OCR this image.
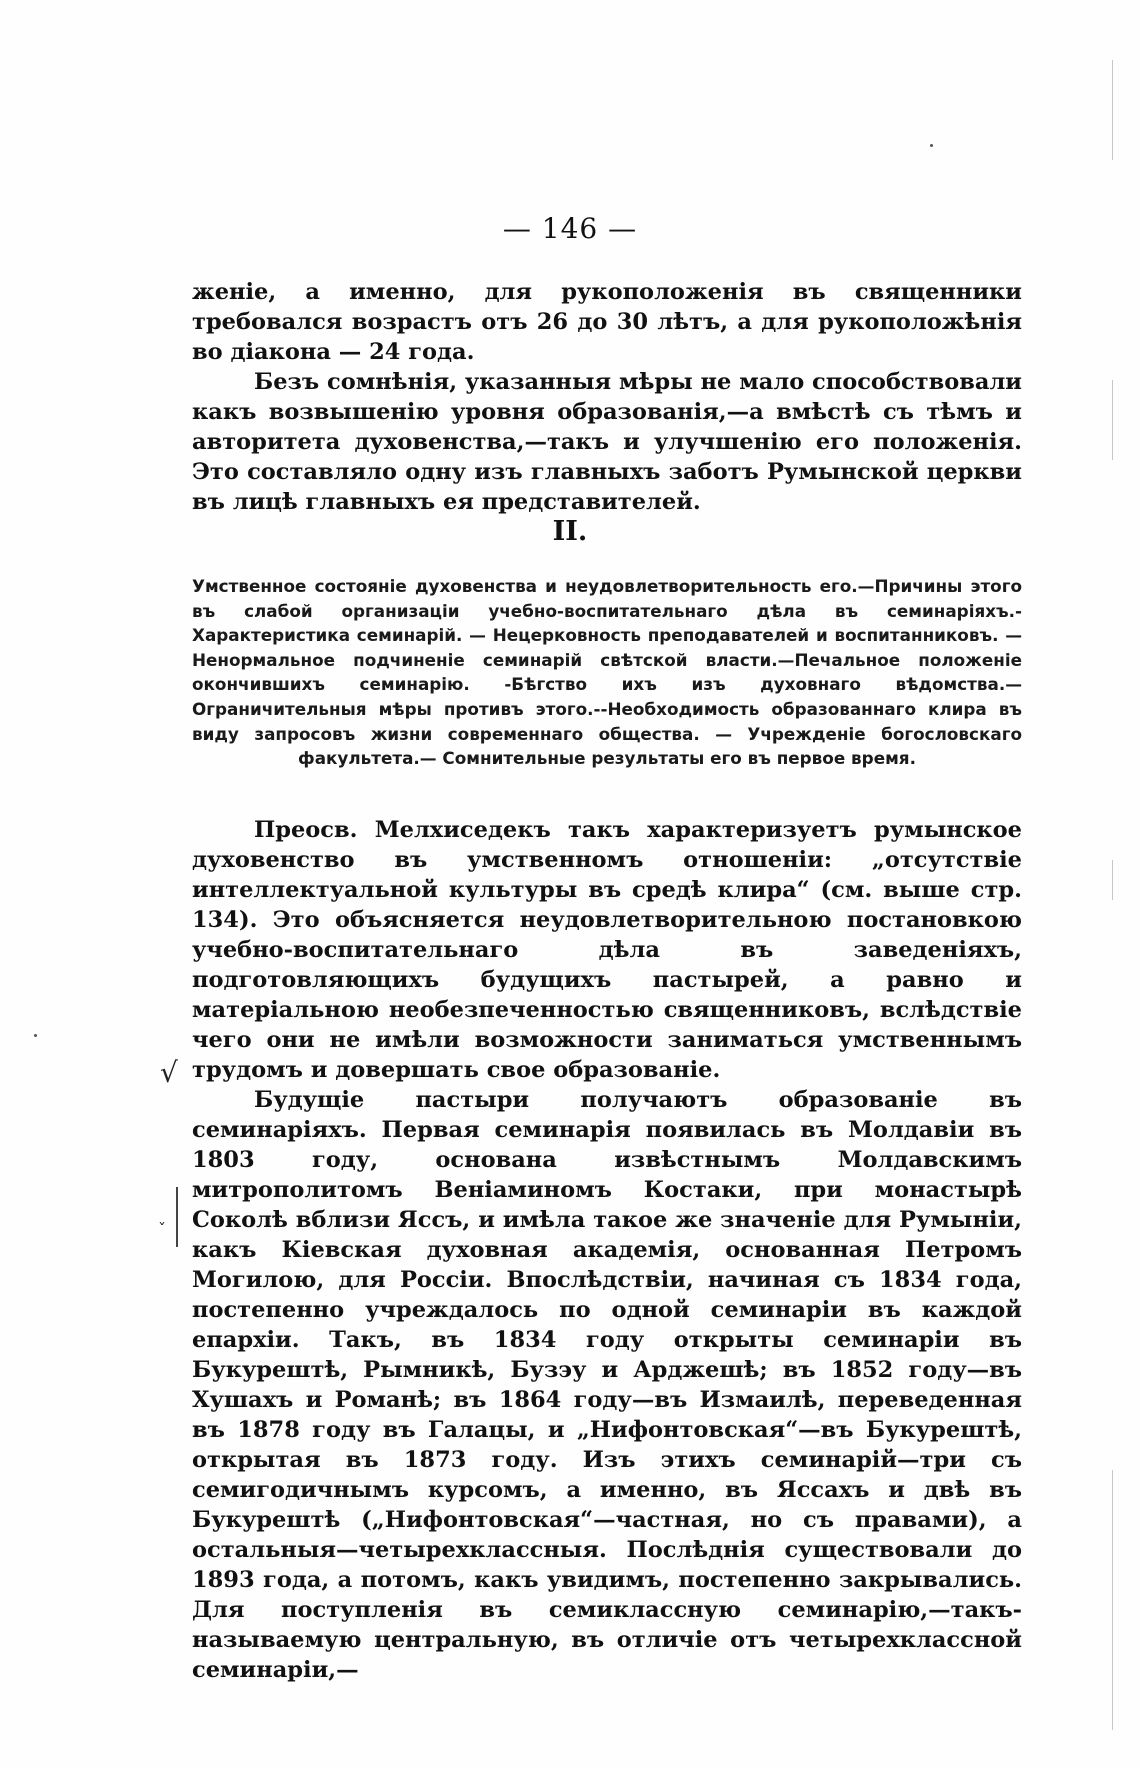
— 146 —

женіе, а именно, для рукоположенія въ священники требовался возрастъ отъ 26 до 30 лѣтъ, а для рукоположѣнія во діакона — 24 года.

Безъ сомнѣнія, указанныя мѣры не мало способствовали какъ возвышенію уровня образованія,—а вмѣстѣ съ тѣмъ и авторитета духовенства,—такъ и улучшенію его положенія. Это составляло одну изъ главныхъ заботъ Румынской церкви въ лицѣ главныхъ ея представителей.

II.

Умственное состояніе духовенства и неудовлетворительность его.—Причины этого въ слабой организаціи учебно-воспитательнаго дѣла въ семинаріяхъ.- Характеристика семинарій. — Нецерковность преподавателей и воспитанниковъ. — Ненормальное подчиненіе семинарій свѣтской власти.—Печальное положеніе окончившихъ семинарію. -Бѣгство ихъ изъ духовнаго вѣдомства.—Ограничительныя мѣры противъ этого.--Необходимость образованнаго клира въ виду запросовъ жизни современнаго общества. — Учрежденіе богословскаго факультета.— Сомнительные результаты его въ первое время.

Преосв. Мелхиседекъ такъ характеризуетъ румынское духовенство въ умственномъ отношеніи: „отсутствіе интеллектуальной культуры въ средѣ клира“ (см. выше стр. 134). Это объясняется неудовлетворительною постановкою учебно-воспитательнаго дѣла въ заведеніяхъ, подготовляющихъ будущихъ пастырей, а равно и матеріальною необезпеченностью священниковъ, вслѣдствіе чего они не имѣли возможности заниматься умственнымъ трудомъ и довершать свое образованіе.

Будущіе пастыри получаютъ образованіе въ семинаріяхъ. Первая семинарія появилась въ Молдавіи въ 1803 году, основана извѣстнымъ Молдавскимъ митрополитомъ Веніаминомъ Костаки, при монастырѣ Соколѣ вблизи Яссъ, и имѣла такое же значеніе для Румыніи, какъ Кіевская духовная академія, основанная Петромъ Могилою, для Россіи. Впослѣдствіи, начиная съ 1834 года, постепенно учреждалось по одной семинаріи въ каждой епархіи. Такъ, въ 1834 году открыты семинаріи въ Букурештѣ, Рымникѣ, Бузэу и Арджешѣ; въ 1852 году—въ Хушахъ и Романѣ; въ 1864 году—въ Измаилѣ, переведенная въ 1878 году въ Галацы, и „Нифонтовская“—въ Букурештѣ, открытая въ 1873 году. Изъ этихъ семинарій—три съ семигодичнымъ курсомъ, а именно, въ Яссахъ и двѣ въ Букурештѣ („Нифонтовская“—частная, но съ правами), а остальныя—четырехклассныя. Послѣднія существовали до 1893 года, а потомъ, какъ увидимъ, постепенно закрывались. Для поступленія въ семиклассную семинарію,—такъ-называемую центральную, въ отличіе отъ четырехклассной семинаріи,—

√
ˇ
